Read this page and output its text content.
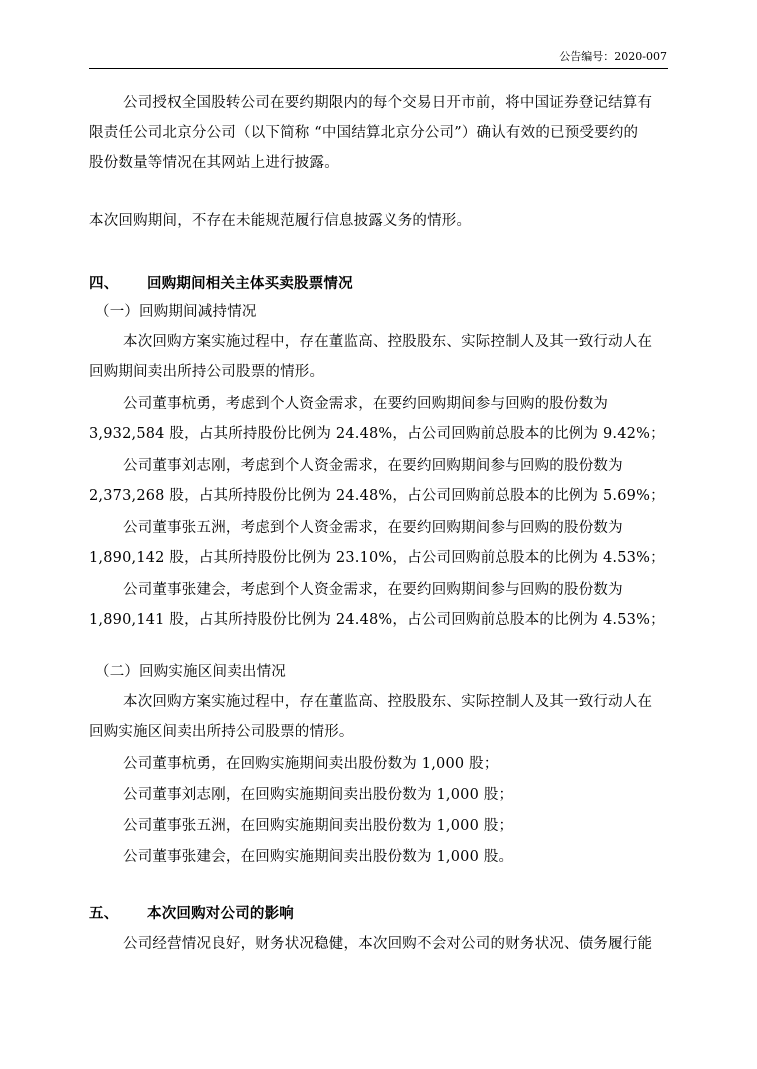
公告编号：2020-007
公司授权全国股转公司在要约期限内的每个交易日开市前，将中国证券登记结算有
限责任公司北京分公司（以下简称 “中国结算北京分公司”）确认有效的已预受要约的
股份数量等情况在其网站上进行披露。
本次回购期间，不存在未能规范履行信息披露义务的情形。
四、 回购期间相关主体买卖股票情况
（一）回购期间减持情况
本次回购方案实施过程中，存在董监高、控股股东、实际控制人及其一致行动人在
回购期间卖出所持公司股票的情形。
公司董事杭勇，考虑到个人资金需求，在要约回购期间参与回购的股份数为
3,932,584 股，占其所持股份比例为 24.48%，占公司回购前总股本的比例为 9.42%；
公司董事刘志刚，考虑到个人资金需求，在要约回购期间参与回购的股份数为
2,373,268 股，占其所持股份比例为 24.48%，占公司回购前总股本的比例为 5.69%；
公司董事张五洲，考虑到个人资金需求，在要约回购期间参与回购的股份数为
1,890,142 股，占其所持股份比例为 23.10%，占公司回购前总股本的比例为 4.53%；
公司董事张建会，考虑到个人资金需求，在要约回购期间参与回购的股份数为
1,890,141 股，占其所持股份比例为 24.48%，占公司回购前总股本的比例为 4.53%；
（二）回购实施区间卖出情况
本次回购方案实施过程中，存在董监高、控股股东、实际控制人及其一致行动人在
回购实施区间卖出所持公司股票的情形。
公司董事杭勇，在回购实施期间卖出股份数为 1,000 股；
公司董事刘志刚，在回购实施期间卖出股份数为 1,000 股；
公司董事张五洲，在回购实施期间卖出股份数为 1,000 股；
公司董事张建会，在回购实施期间卖出股份数为 1,000 股。
五、 本次回购对公司的影响
公司经营情况良好，财务状况稳健，本次回购不会对公司的财务状况、债务履行能
